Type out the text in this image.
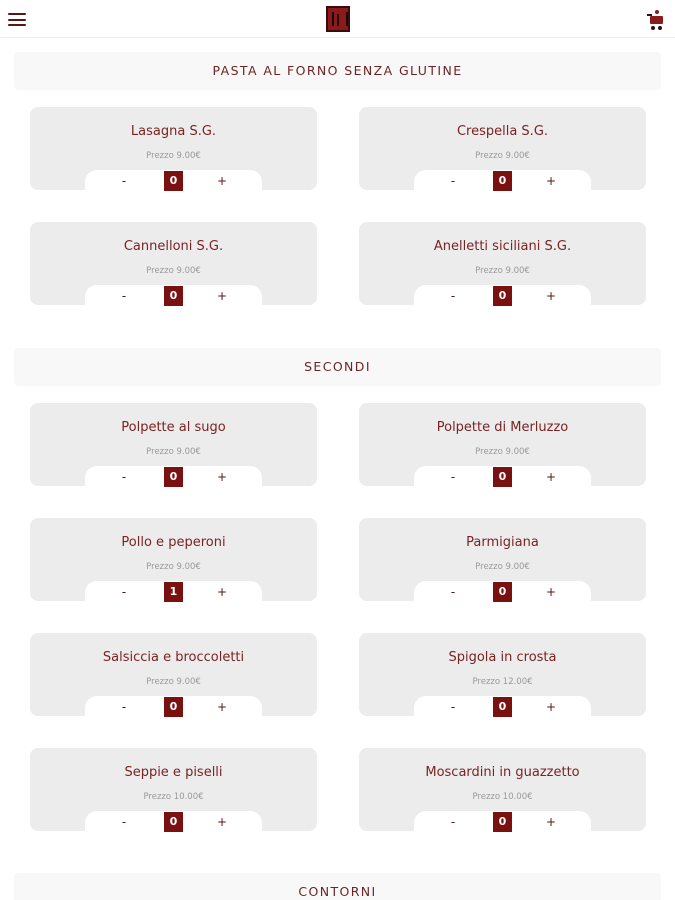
PASTA AL FORNO SENZA GLUTINE
Lasagna S.G.
Prezzo 9.00€
-	0	+
Crespella S.G.
Prezzo 9.00€
-	0	+
Cannelloni S.G.
Prezzo 9.00€
-	0	+
Anelletti siciliani S.G.
Prezzo 9.00€
-	0	+
SECONDI
Polpette al sugo
Prezzo 9.00€
-	0	+
Polpette di Merluzzo
Prezzo 9.00€
-	0	+
Pollo e peperoni
Prezzo 9.00€
-	1	+
Parmigiana
Prezzo 9.00€
-	0	+
Salsiccia e broccoletti
Prezzo 9.00€
-	0	+
Spigola in crosta
Prezzo 12.00€
-	0	+
Seppie e piselli
Prezzo 10.00€
-	0	+
Moscardini in guazzetto
Prezzo 10.00€
-	0	+
CONTORNI
